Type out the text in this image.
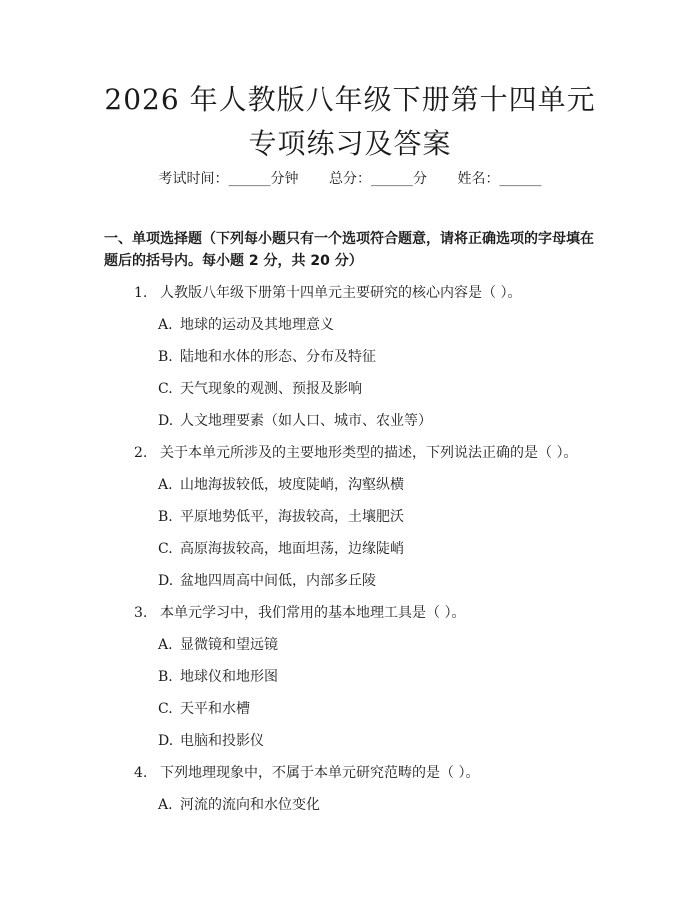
2026 年人教版八年级下册第十四单元专项练习及答案
考试时间：______分钟 总分：______分 姓名：______
一、单项选择题（下列每小题只有一个选项符合题意，请将正确选项的字母填在题后的括号内。每小题 2 分，共 20 分）
1. 人教版八年级下册第十四单元主要研究的核心内容是（ ）。
A. 地球的运动及其地理意义
B. 陆地和水体的形态、分布及特征
C. 天气现象的观测、预报及影响
D. 人文地理要素（如人口、城市、农业等）
2. 关于本单元所涉及的主要地形类型的描述，下列说法正确的是（ ）。
A. 山地海拔较低，坡度陡峭，沟壑纵横
B. 平原地势低平，海拔较高，土壤肥沃
C. 高原海拔较高，地面坦荡，边缘陡峭
D. 盆地四周高中间低，内部多丘陵
3. 本单元学习中，我们常用的基本地理工具是（ ）。
A. 显微镜和望远镜
B. 地球仪和地形图
C. 天平和水槽
D. 电脑和投影仪
4. 下列地理现象中，不属于本单元研究范畴的是（ ）。
A. 河流的流向和水位变化
